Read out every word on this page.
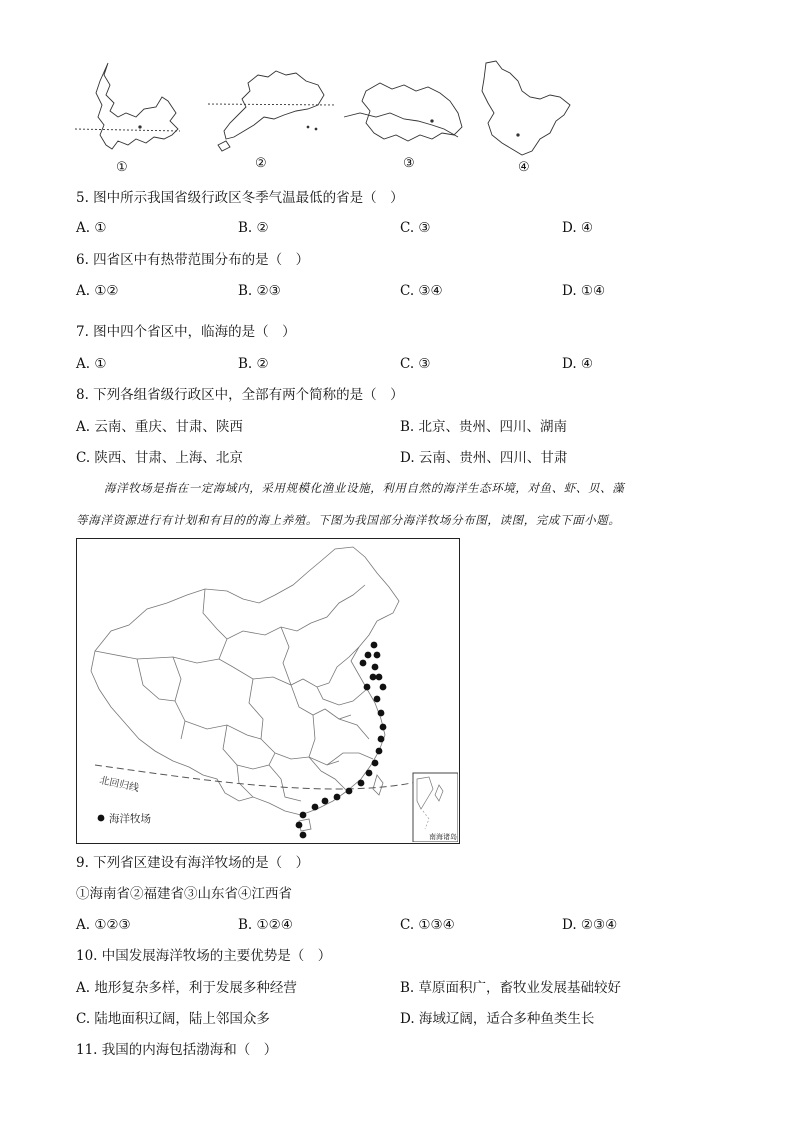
①	②	③	④
5. 图中所示我国省级行政区冬季气温最低的省是（　）
A. ①	B. ②	C. ③	D. ④
6. 四省区中有热带范围分布的是（　）
A. ①②	B. ②③	C. ③④	D. ①④
7. 图中四个省区中，临海的是（　）
A. ①	B. ②	C. ③	D. ④
8. 下列各组省级行政区中，全部有两个简称的是（　）
A. 云南、重庆、甘肃、陕西	B. 北京、贵州、四川、湖南
C. 陕西、甘肃、上海、北京	D. 云南、贵州、四川、甘肃
海洋牧场是指在一定海域内，采用规模化渔业设施，利用自然的海洋生态环境，对鱼、虾、贝、藻
等海洋资源进行有计划和有目的的海上养殖。下图为我国部分海洋牧场分布图，读图，完成下面小题。
北回归线
海洋牧场
南海诸岛
9. 下列省区建设有海洋牧场的是（　）
①海南省②福建省③山东省④江西省
A. ①②③	B. ①②④	C. ①③④	D. ②③④
10. 中国发展海洋牧场的主要优势是（　）
A. 地形复杂多样，利于发展多种经营	B. 草原面积广，畜牧业发展基础较好
C. 陆地面积辽阔，陆上邻国众多	D. 海域辽阔，适合多种鱼类生长
11. 我国的内海包括渤海和（　）
